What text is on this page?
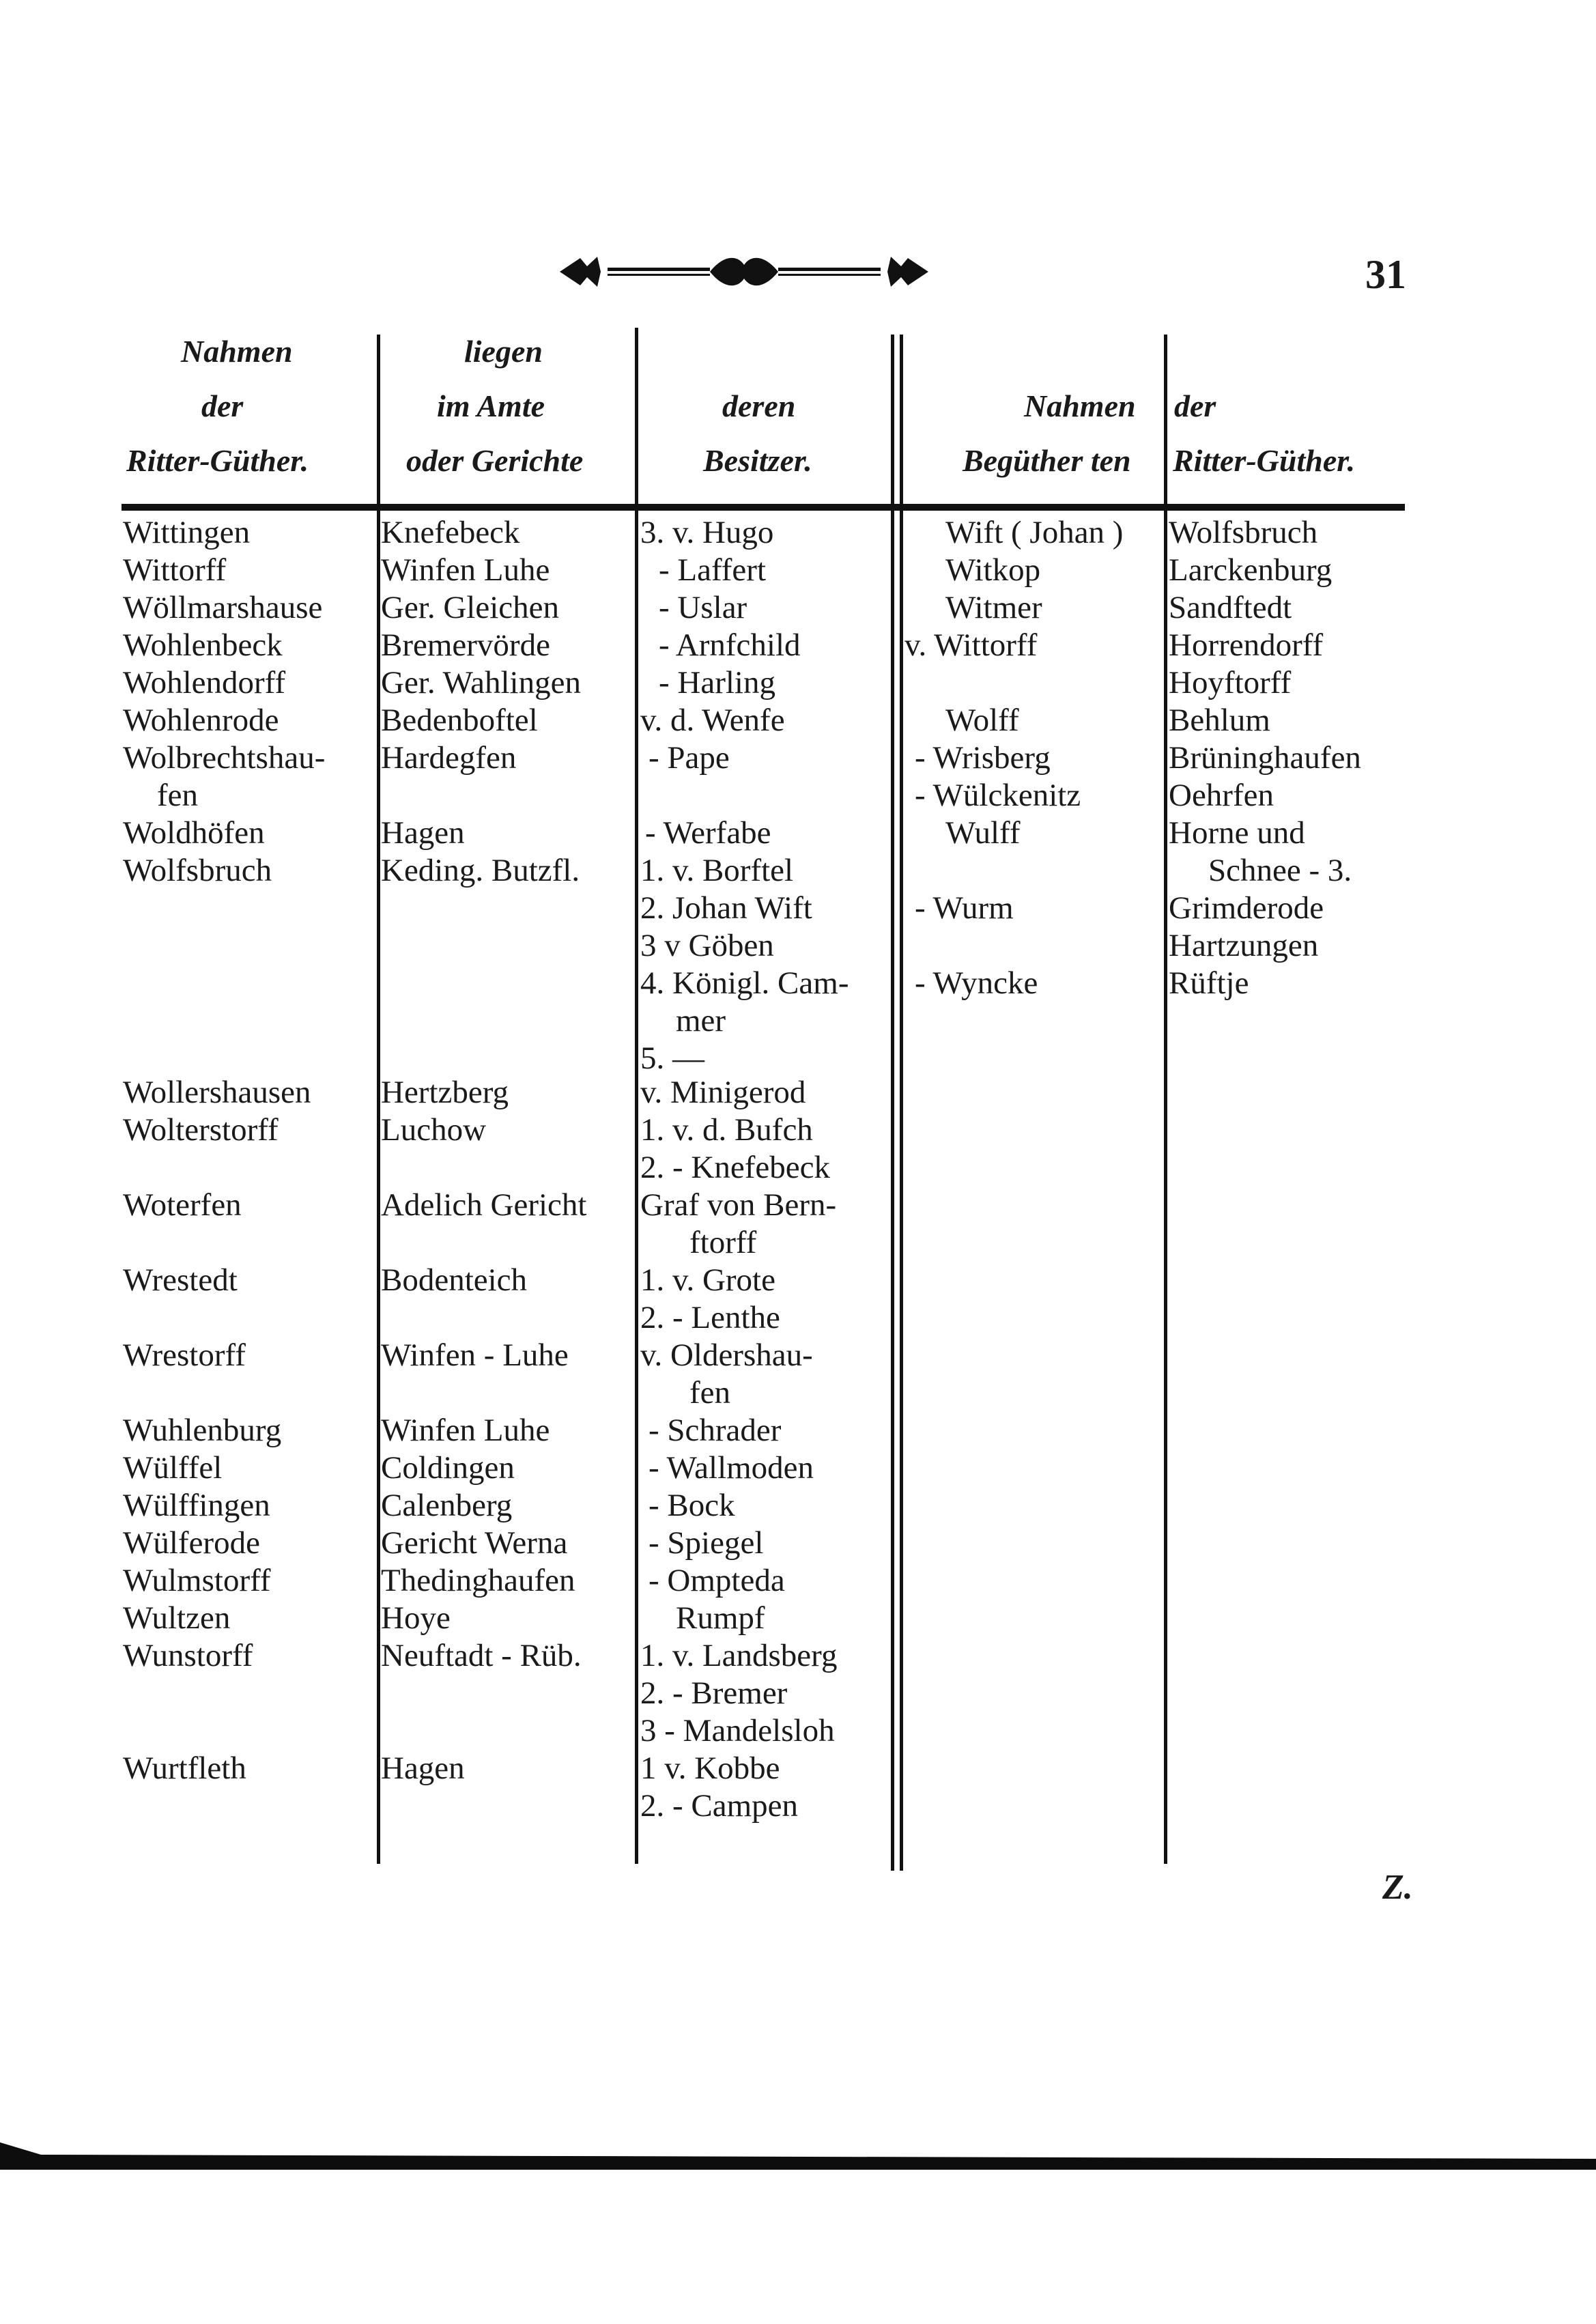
31
Nahmen
der
Ritter-Güther.
liegen
im Amte
oder Gerichte
deren
Besitzer.
Nahmen
Begüther ten
der
Ritter-Güther.
Wittingen
Wittorff
Wöllmarshause
Wohlenbeck
Wohlendorff
Wohlenrode
Wolbrechtshau-
fen
Woldhöfen
Wolfsbruch
Wollershausen
Wolterstorff
Woterfen
Wrestedt
Wrestorff
Wuhlenburg
Wülffel
Wülffingen
Wülferode
Wulmstorff
Wultzen
Wunstorff
Wurtfleth
Knefebeck
Winfen Luhe
Ger. Gleichen
Bremervörde
Ger. Wahlingen
Bedenboftel
Hardegfen
Hagen
Keding. Butzfl.
Hertzberg
Luchow
Adelich Gericht
Bodenteich
Winfen - Luhe
Winfen Luhe
Coldingen
Calenberg
Gericht Werna
Thedinghaufen
Hoye
Neuftadt - Rüb.
Hagen
3. v. Hugo
- Laffert
- Uslar
- Arnfchild
- Harling
v. d. Wenfe
- Pape
- Werfabe
1. v. Borftel
2. Johan Wift
3 v Göben
4. Königl. Cam-
mer
5. —
v. Minigerod
1. v. d. Bufch
2. - Knefebeck
Graf von Bern-
ftorff
1. v. Grote
2. - Lenthe
v. Oldershau-
fen
- Schrader
- Wallmoden
- Bock
- Spiegel
- Ompteda
Rumpf
1. v. Landsberg
2. - Bremer
3 - Mandelsloh
1 v. Kobbe
2. - Campen
Wift ( Johan )
Witkop
Witmer
v. Wittorff
Wolff
- Wrisberg
- Wülckenitz
Wulff
- Wurm
- Wyncke
Wolfsbruch
Larckenburg
Sandftedt
Horrendorff
Hoyftorff
Behlum
Brüninghaufen
Oehrfen
Horne und
Schnee - 3.
Grimderode
Hartzungen
Rüftje
Z.
